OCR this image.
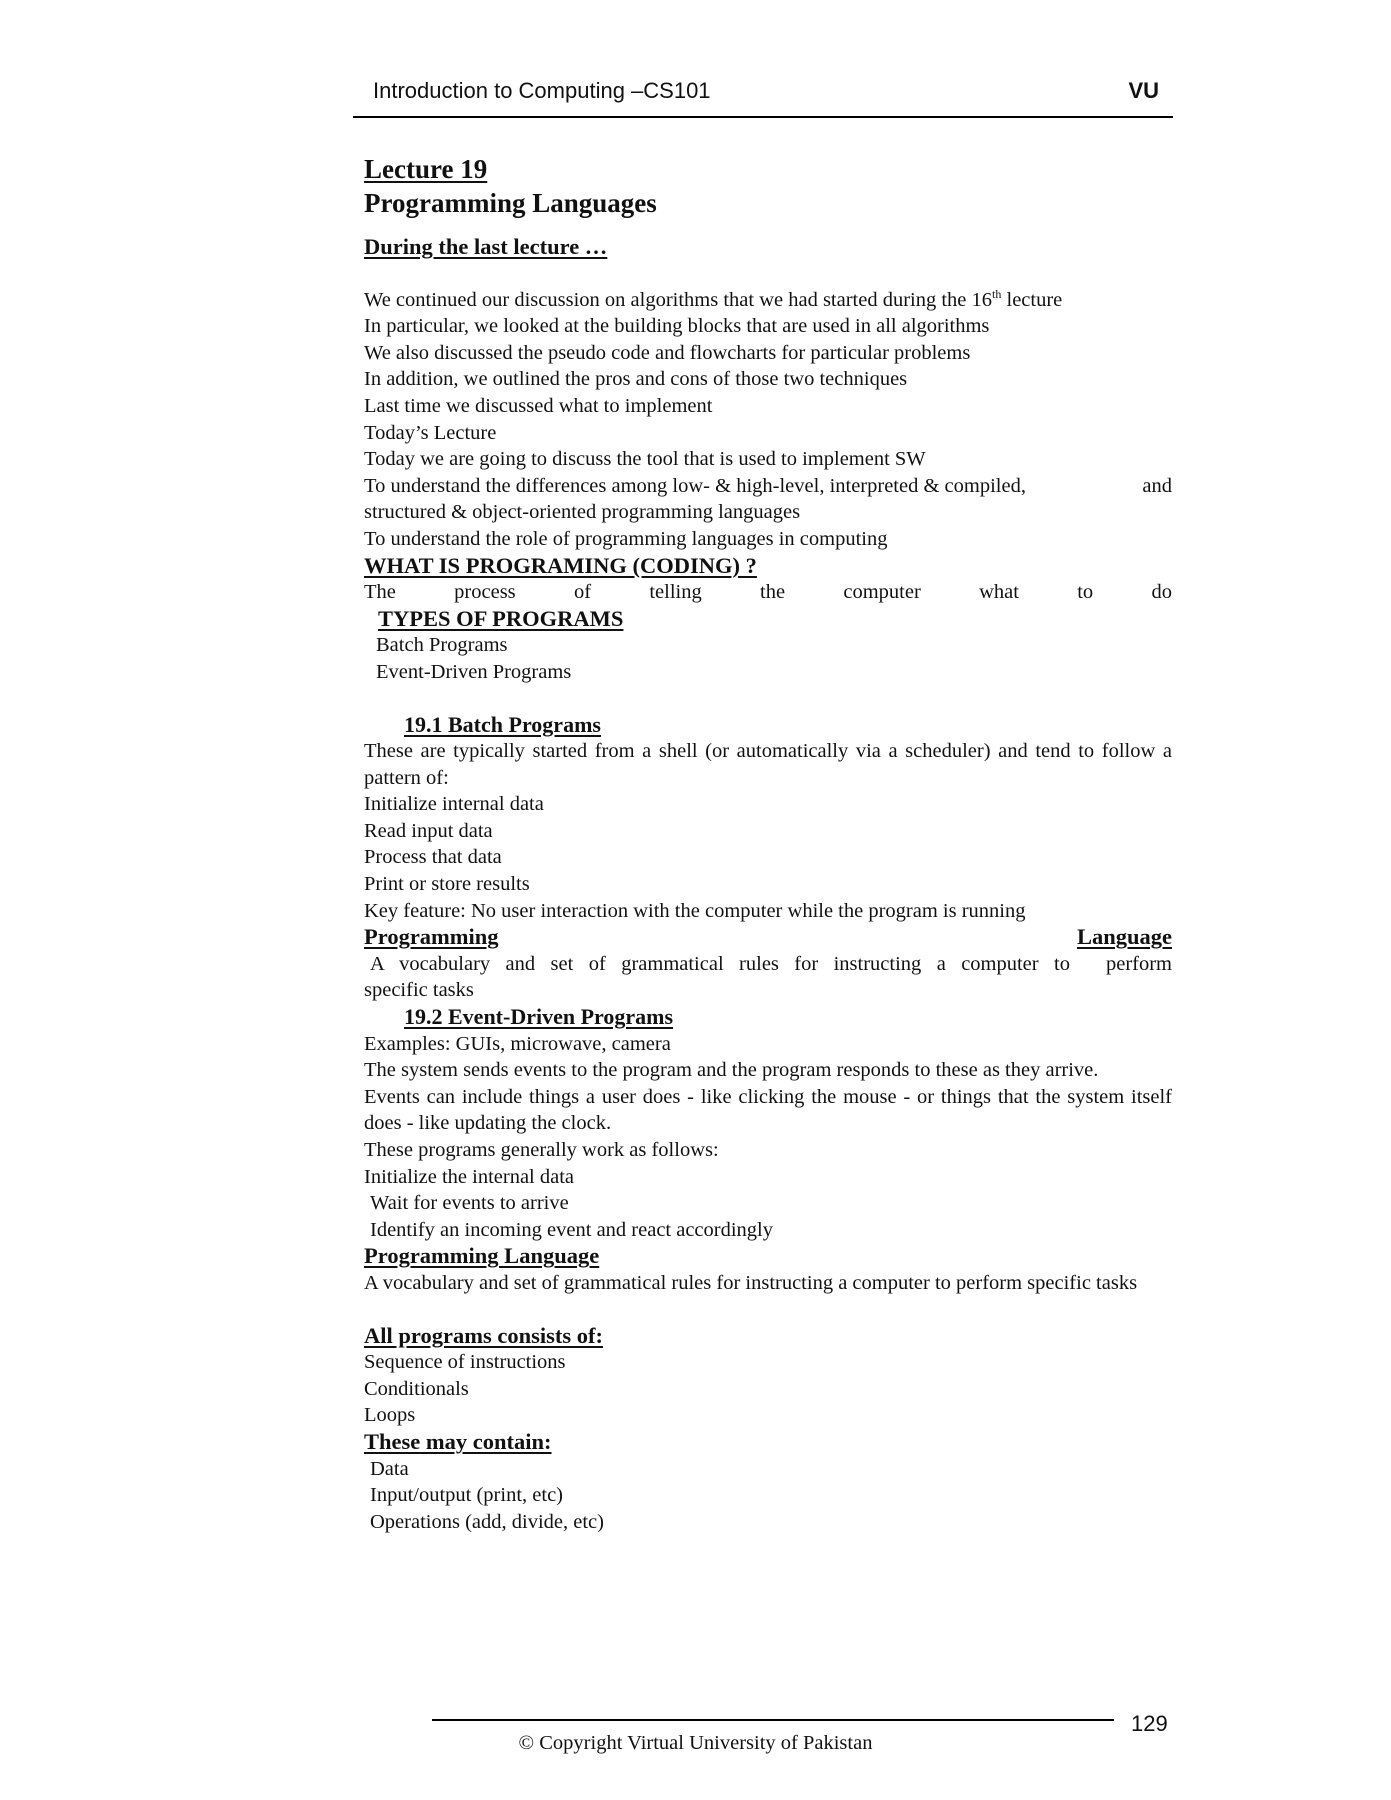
Introduction to Computing –CS101	VU

Lecture 19

Programming Languages

During the last lecture …

We continued our discussion on algorithms that we had started during the 16th lecture

In particular, we looked at the building blocks that are used in all algorithms

We also discussed the pseudo code and flowcharts for particular problems

In addition, we outlined the pros and cons of those two techniques

Last time we discussed what to implement

Today’s Lecture

Today we are going to discuss the tool that is used to implement SW

To understand the differences among low- & high-level, interpreted & compiled,	and

structured & object-oriented programming languages

To understand the role of programming languages in computing

WHAT IS PROGRAMING (CODING) ?

The	process	of	telling	the	computer	what	to	do

TYPES OF PROGRAMS

Batch Programs

Event-Driven Programs

19.1 Batch Programs

These are typically started from a shell (or automatically via a scheduler) and tend to follow a pattern of:

Initialize internal data

Read input data

Process that data

Print or store results

Key feature: No user interaction with the computer while the program is running

Programming	Language

A vocabulary and set of grammatical rules for instructing a computer to perform

specific tasks

19.2 Event-Driven Programs

Examples: GUIs, microwave, camera

The system sends events to the program and the program responds to these as they arrive.

Events can include things a user does - like clicking the mouse - or things that the system itself does - like updating the clock.

These programs generally work as follows:

Initialize the internal data

Wait for events to arrive

Identify an incoming event and react accordingly

Programming Language

A vocabulary and set of grammatical rules for instructing a computer to perform specific tasks

All programs consists of:

Sequence of instructions

Conditionals

Loops

These may contain:

Data

Input/output (print, etc)

Operations (add, divide, etc)

129
© Copyright Virtual University of Pakistan
